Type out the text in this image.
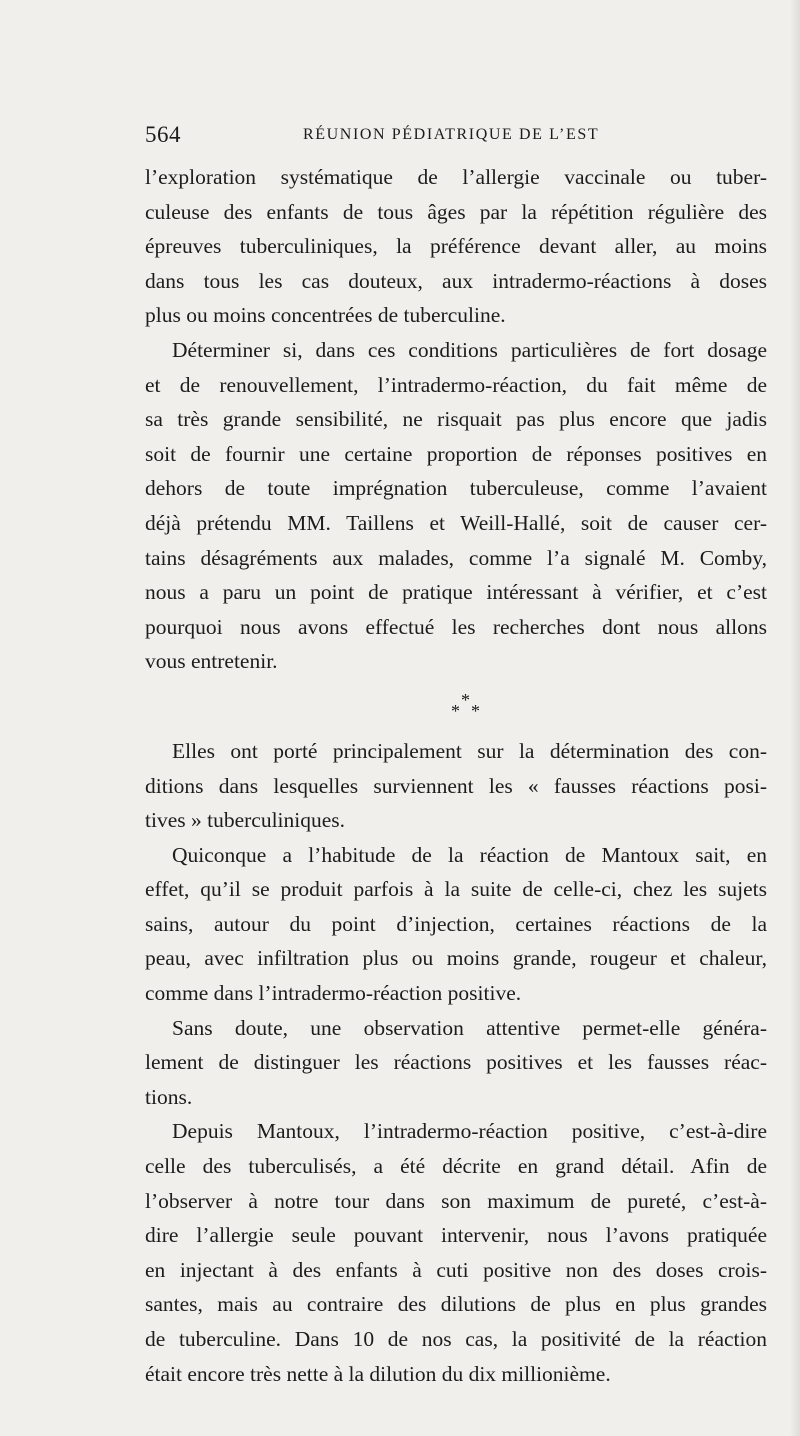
564	RÉUNION PÉDIATRIQUE DE L’EST
l’exploration systématique de l’allergie vaccinale ou tuber-
culeuse des enfants de tous âges par la répétition régulière des
épreuves tuberculiniques, la préférence devant aller, au moins
dans tous les cas douteux, aux intradermo-réactions à doses
plus ou moins concentrées de tuberculine.
Déterminer si, dans ces conditions particulières de fort dosage
et de renouvellement, l’intradermo-réaction, du fait même de
sa très grande sensibilité, ne risquait pas plus encore que jadis
soit de fournir une certaine proportion de réponses positives en
dehors de toute imprégnation tuberculeuse, comme l’avaient
déjà prétendu MM. Taillens et Weill-Hallé, soit de causer cer-
tains désagréments aux malades, comme l’a signalé M. Comby,
nous a paru un point de pratique intéressant à vérifier, et c’est
pourquoi nous avons effectué les recherches dont nous allons
vous entretenir.
*
* *
Elles ont porté principalement sur la détermination des con-
ditions dans lesquelles surviennent les « fausses réactions posi-
tives » tuberculiniques.
Quiconque a l’habitude de la réaction de Mantoux sait, en
effet, qu’il se produit parfois à la suite de celle-ci, chez les sujets
sains, autour du point d’injection, certaines réactions de la
peau, avec infiltration plus ou moins grande, rougeur et chaleur,
comme dans l’intradermo-réaction positive.
Sans doute, une observation attentive permet-elle généra-
lement de distinguer les réactions positives et les fausses réac-
tions.
Depuis Mantoux, l’intradermo-réaction positive, c’est-à-dire
celle des tuberculisés, a été décrite en grand détail. Afin de
l’observer à notre tour dans son maximum de pureté, c’est-à-
dire l’allergie seule pouvant intervenir, nous l’avons pratiquée
en injectant à des enfants à cuti positive non des doses crois-
santes, mais au contraire des dilutions de plus en plus grandes
de tuberculine. Dans 10 de nos cas, la positivité de la réaction
était encore très nette à la dilution du dix millionième.
